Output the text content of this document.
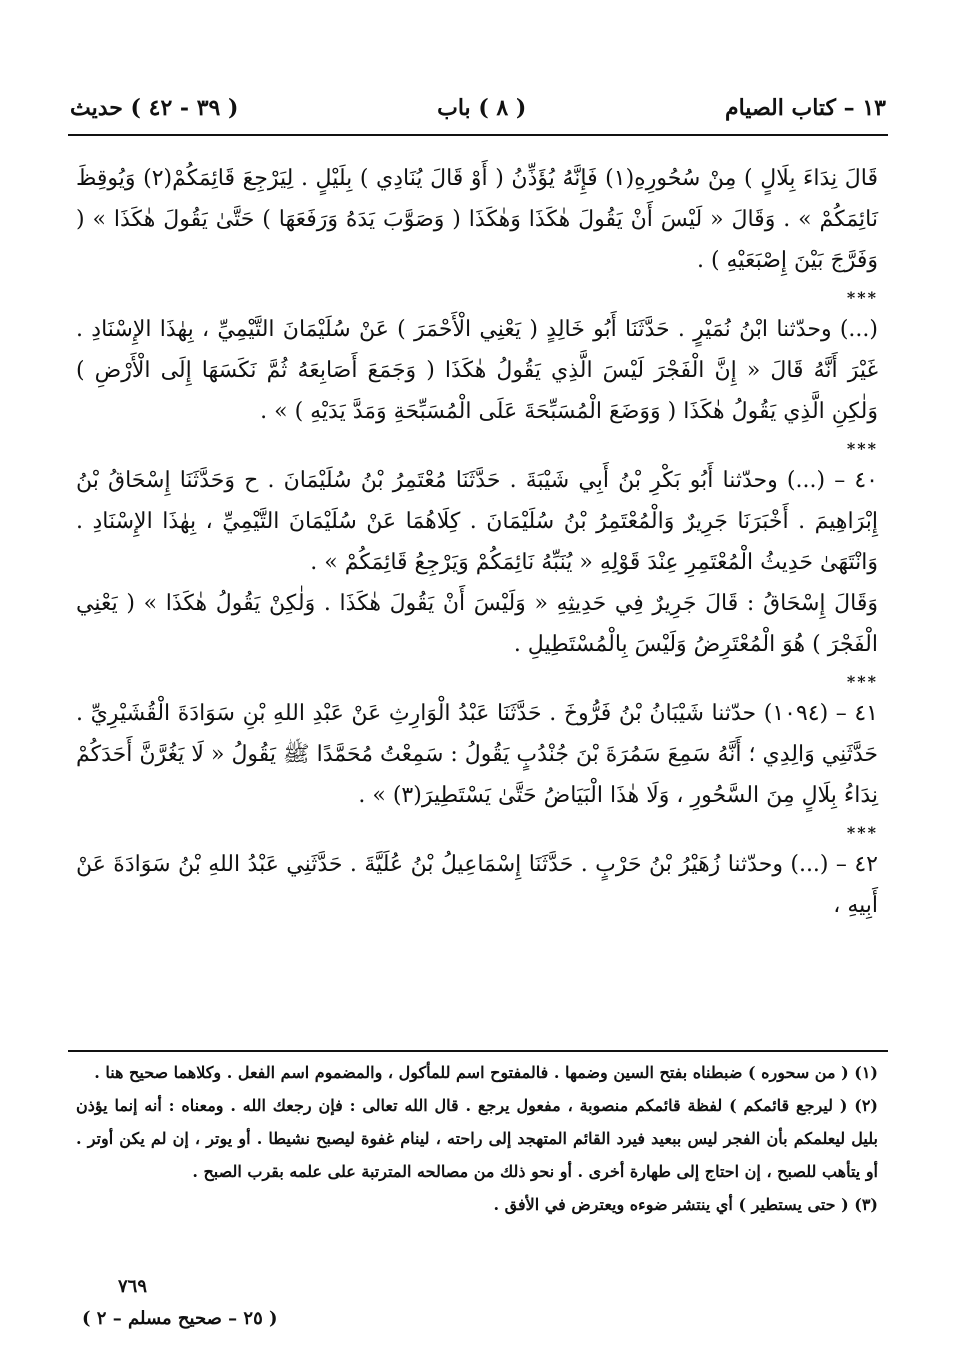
١٣ – كتاب الصيام
( ٨ ) باب
( ٣٩ - ٤٢ ) حديث

قَالَ نِدَاءَ بِلَالٍ ) مِنْ سُحُورِهِ(١) فَإِنَّهُ يُؤَذِّنُ ( أَوْ قَالَ يُنَادِي ) بِلَيْلٍ . لِيَرْجِعَ قَائِمَكُمْ(٢) وَيُوقِظَ نَائِمَكُمْ » . وَقَالَ « لَيْسَ أَنْ يَقُولَ هٰكَذَا وَهٰكَذَا ( وَصَوَّبَ يَدَهُ وَرَفَعَهَا ) حَتَّىٰ يَقُولَ هٰكَذَا » ( وَفَرَّجَ بَيْنَ إِصْبَعَيْهِ ) .

***

(...) وحدّثنا ابْنُ نُمَيْرٍ . حَدَّثَنَا أَبُو خَالِدٍ ( يَعْنِي الْأَحْمَرَ ) عَنْ سُلَيْمَانَ التَّيْمِيِّ ، بِهٰذَا الإِسْنَادِ . غَيْرَ أَنَّهُ قَالَ « إِنَّ الْفَجْرَ لَيْسَ الَّذِي يَقُولُ هٰكَذَا ( وَجَمَعَ أَصَابِعَهُ ثُمَّ نَكَسَهَا إِلَى الْأَرْضِ ) وَلٰكِنِ الَّذِي يَقُولُ هٰكَذَا ( وَوَضَعَ الْمُسَبِّحَةَ عَلَى الْمُسَبِّحَةِ وَمَدَّ يَدَيْهِ ) » .

***

٤٠ – (...) وحدّثنا أَبُو بَكْرِ بْنُ أَبِي شَيْبَةَ . حَدَّثَنَا مُعْتَمِرُ بْنُ سُلَيْمَانَ . ح وَحَدَّثَنَا إِسْحَاقُ بْنُ إِبْرَاهِيمَ . أَخْبَرَنَا جَرِيرٌ وَالْمُعْتَمِرُ بْنُ سُلَيْمَانَ . كِلَاهُمَا عَنْ سُلَيْمَانَ التَّيْمِيِّ ، بِهٰذَا الإِسْنَادِ . وَانْتَهَىٰ حَدِيثُ الْمُعْتَمِرِ عِنْدَ قَوْلِهِ « يُنَبِّهُ نَائِمَكُمْ وَيَرْجِعُ قَائِمَكُمْ » .

وَقَالَ إِسْحَاقُ : قَالَ جَرِيرٌ فِي حَدِيثِهِ « وَلَيْسَ أَنْ يَقُولَ هٰكَذَا . وَلٰكِنْ يَقُولُ هٰكَذَا » ( يَعْنِي الْفَجْرَ ) هُوَ الْمُعْتَرِضُ وَلَيْسَ بِالْمُسْتَطِيلِ .

***

٤١ – (١٠٩٤) حدّثنا شَيْبَانُ بْنُ فَرُّوخَ . حَدَّثَنَا عَبْدُ الْوَارِثِ عَنْ عَبْدِ اللهِ بْنِ سَوَادَةَ الْقُشَيْرِيِّ . حَدَّثَنِي وَالِدِي ؛ أَنَّهُ سَمِعَ سَمُرَةَ بْنَ جُنْدُبٍ يَقُولُ : سَمِعْتُ مُحَمَّدًا ﷺ يَقُولُ « لَا يَغُرَّنَّ أَحَدَكُمْ نِدَاءُ بِلَالٍ مِنَ السَّحُورِ ، وَلَا هٰذَا الْبَيَاضُ حَتَّىٰ يَسْتَطِيرَ(٣) » .

***

٤٢ – (...) وحدّثنا زُهَيْرُ بْنُ حَرْبٍ . حَدَّثَنَا إِسْمَاعِيلُ بْنُ عُلَيَّةَ . حَدَّثَنِي عَبْدُ اللهِ بْنُ سَوَادَةَ عَنْ أَبِيهِ ،

(١) ( من سحوره ) ضبطناه بفتح السين وضمها . فالمفتوح اسم للمأكول ، والمضموم اسم الفعل . وكلاهما صحيح هنا .

(٢) ( ليرجع قائمكم ) لفظة قائمكم منصوبة ، مفعول يرجع . قال الله تعالى : فإن رجعك الله . ومعناه : أنه إنما يؤذن بليل ليعلمكم بأن الفجر ليس ببعيد فيرد القائم المتهجد إلى راحته ، لينام غفوة ليصبح نشيطا . أو يوتر ، إن لم يكن أوتر . أو يتأهب للصبح ، إن احتاج إلى طهارة أخرى . أو نحو ذلك من مصالحه المترتبة على علمه بقرب الصبح .

(٣) ( حتى يستطير ) أي ينتشر ضوءه ويعترض في الأفق .

٧٦٩
( ٢٥ – صحيح مسلم – ٢ )
